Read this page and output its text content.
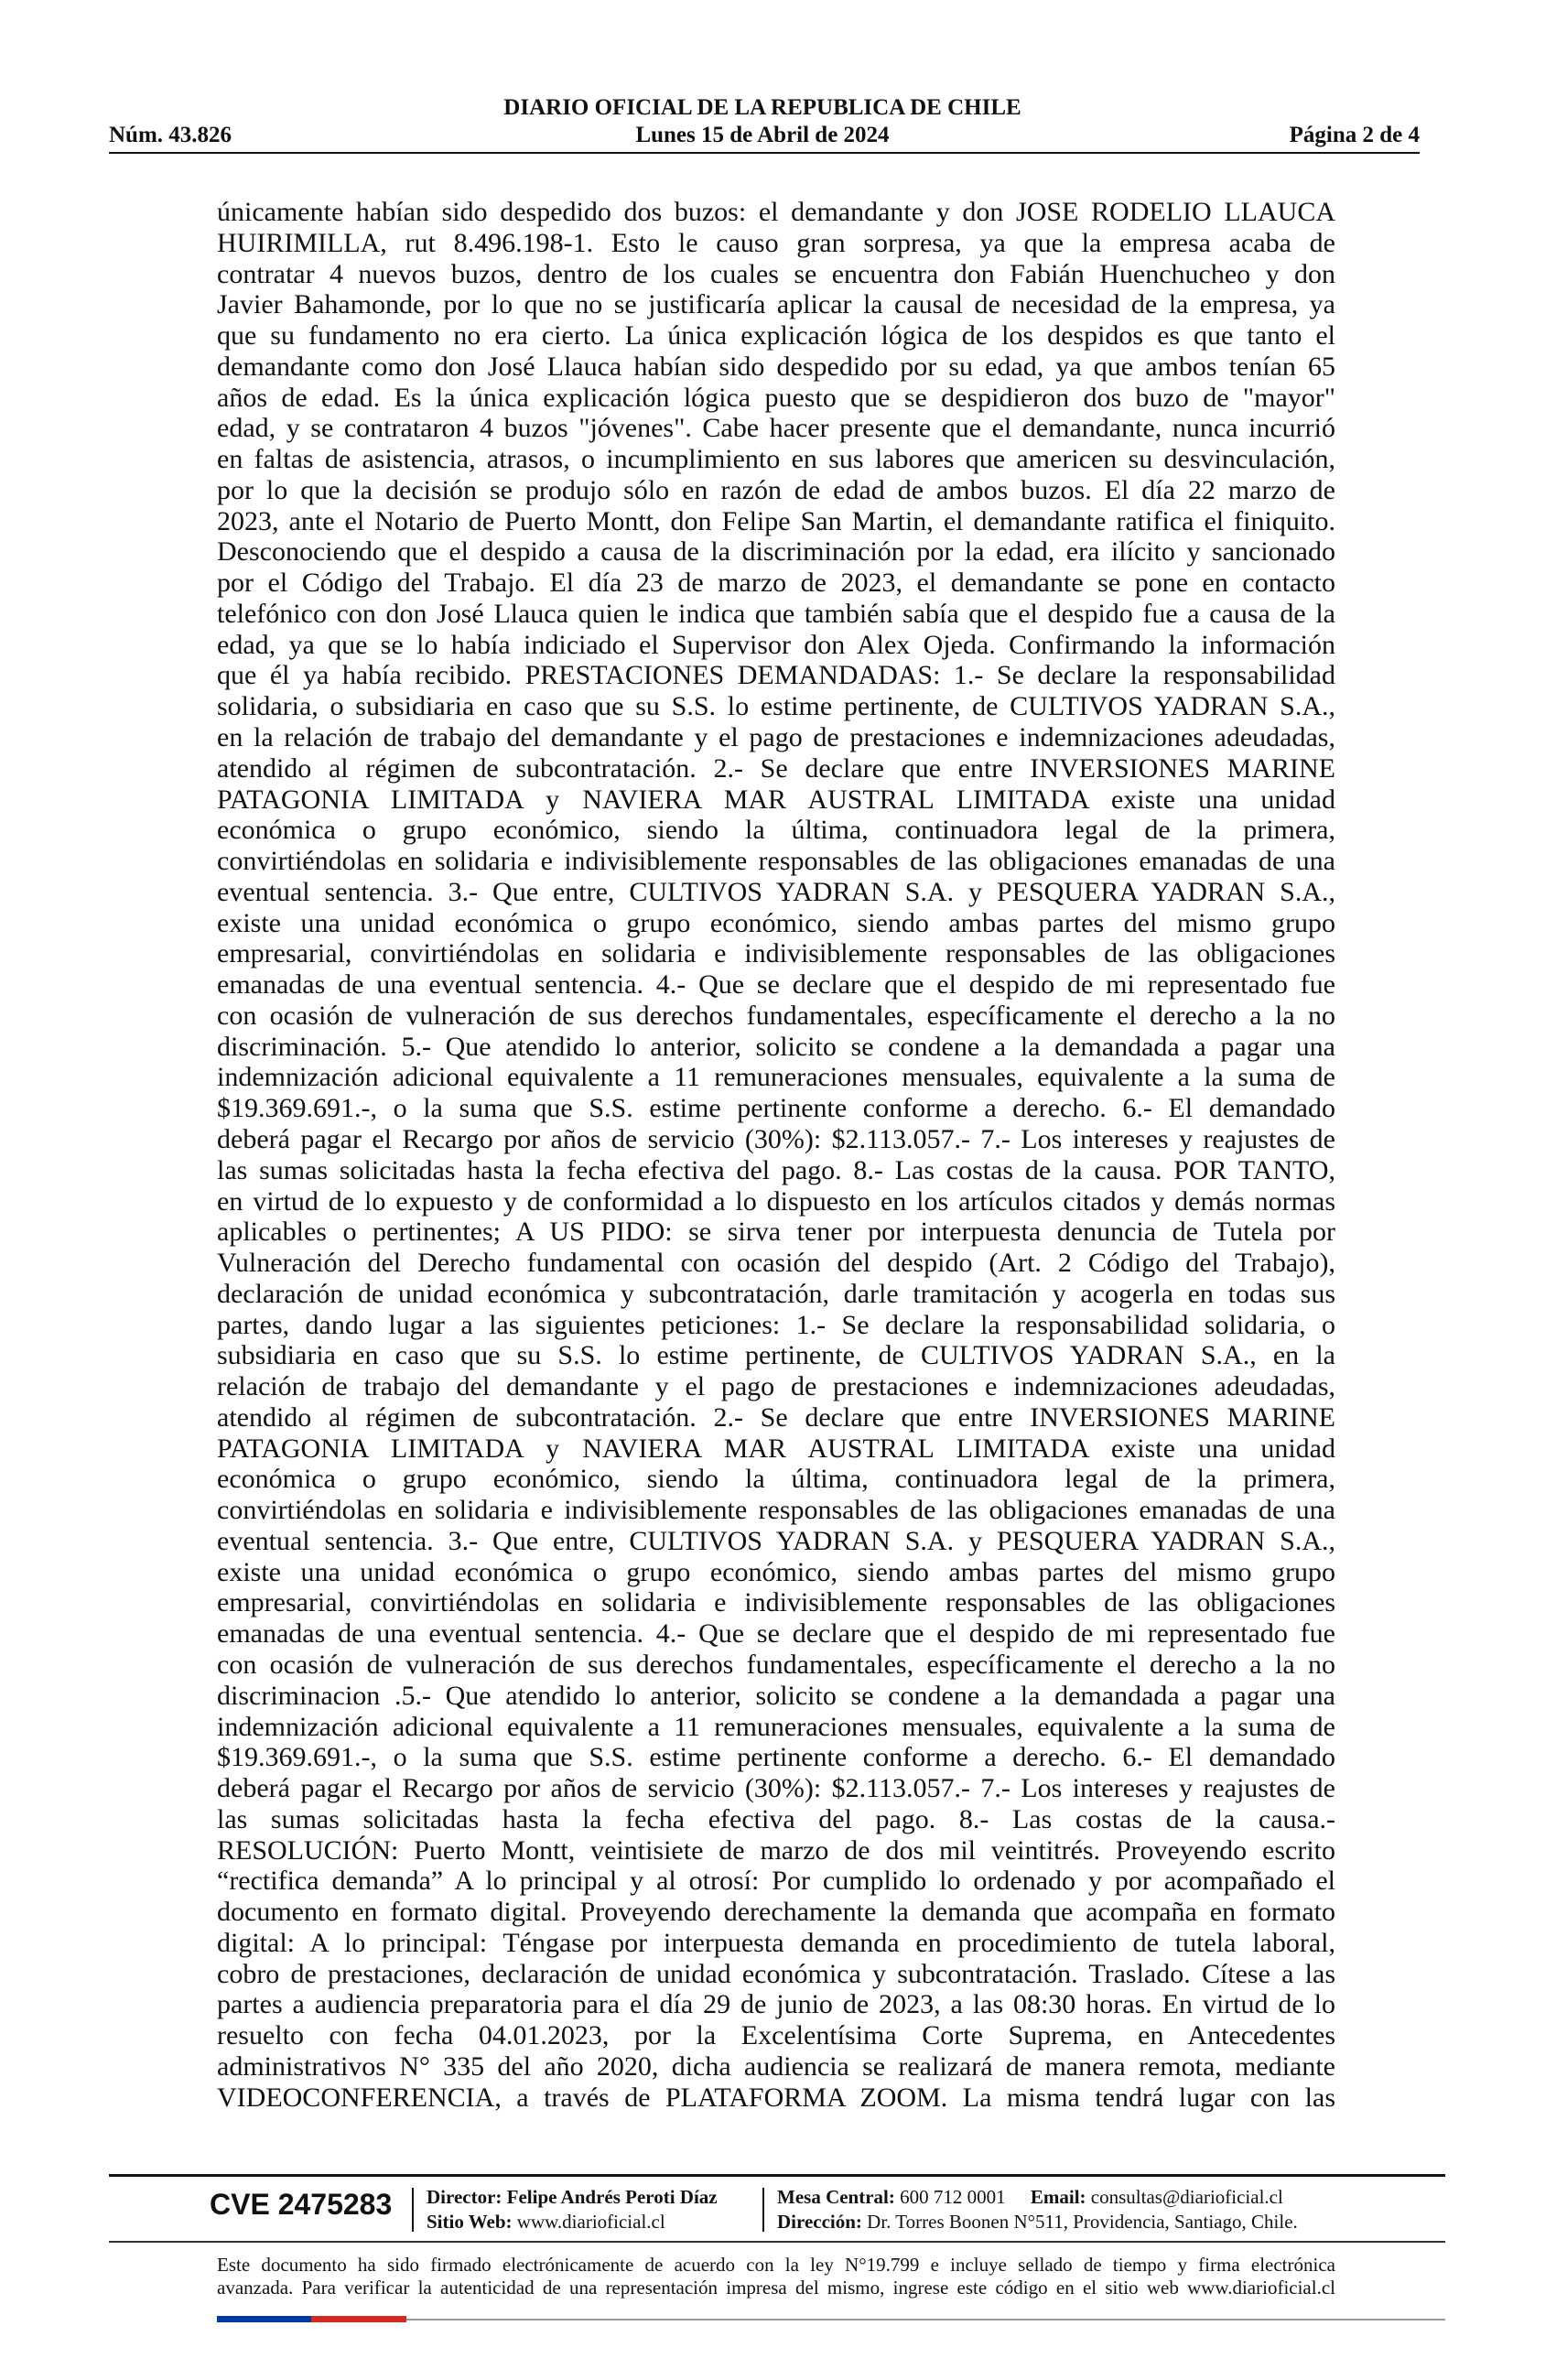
DIARIO OFICIAL DE LA REPUBLICA DE CHILE
Núm. 43.826	Lunes 15 de Abril de 2024	Página 2 de 4
únicamente habían sido despedido dos buzos: el demandante y don JOSE RODELIO LLAUCA
HUIRIMILLA, rut 8.496.198-1. Esto le causo gran sorpresa, ya que la empresa acaba de
contratar 4 nuevos buzos, dentro de los cuales se encuentra don Fabián Huenchucheo y don
Javier Bahamonde, por lo que no se justificaría aplicar la causal de necesidad de la empresa, ya
que su fundamento no era cierto. La única explicación lógica de los despidos es que tanto el
demandante como don José Llauca habían sido despedido por su edad, ya que ambos tenían 65
años de edad. Es la única explicación lógica puesto que se despidieron dos buzo de "mayor"
edad, y se contrataron 4 buzos "jóvenes". Cabe hacer presente que el demandante, nunca incurrió
en faltas de asistencia, atrasos, o incumplimiento en sus labores que americen su desvinculación,
por lo que la decisión se produjo sólo en razón de edad de ambos buzos. El día 22 marzo de
2023, ante el Notario de Puerto Montt, don Felipe San Martin, el demandante ratifica el finiquito.
Desconociendo que el despido a causa de la discriminación por la edad, era ilícito y sancionado
por el Código del Trabajo. El día 23 de marzo de 2023, el demandante se pone en contacto
telefónico con don José Llauca quien le indica que también sabía que el despido fue a causa de la
edad, ya que se lo había indiciado el Supervisor don Alex Ojeda. Confirmando la información
que él ya había recibido. PRESTACIONES DEMANDADAS: 1.- Se declare la responsabilidad
solidaria, o subsidiaria en caso que su S.S. lo estime pertinente, de CULTIVOS YADRAN S.A.,
en la relación de trabajo del demandante y el pago de prestaciones e indemnizaciones adeudadas,
atendido al régimen de subcontratación. 2.- Se declare que entre INVERSIONES MARINE
PATAGONIA LIMITADA y NAVIERA MAR AUSTRAL LIMITADA existe una unidad
económica o grupo económico, siendo la última, continuadora legal de la primera,
convirtiéndolas en solidaria e indivisiblemente responsables de las obligaciones emanadas de una
eventual sentencia. 3.- Que entre, CULTIVOS YADRAN S.A. y PESQUERA YADRAN S.A.,
existe una unidad económica o grupo económico, siendo ambas partes del mismo grupo
empresarial, convirtiéndolas en solidaria e indivisiblemente responsables de las obligaciones
emanadas de una eventual sentencia. 4.- Que se declare que el despido de mi representado fue
con ocasión de vulneración de sus derechos fundamentales, específicamente el derecho a la no
discriminación. 5.- Que atendido lo anterior, solicito se condene a la demandada a pagar una
indemnización adicional equivalente a 11 remuneraciones mensuales, equivalente a la suma de
$19.369.691.-, o la suma que S.S. estime pertinente conforme a derecho. 6.- El demandado
deberá pagar el Recargo por años de servicio (30%): $2.113.057.- 7.- Los intereses y reajustes de
las sumas solicitadas hasta la fecha efectiva del pago. 8.- Las costas de la causa. POR TANTO,
en virtud de lo expuesto y de conformidad a lo dispuesto en los artículos citados y demás normas
aplicables o pertinentes; A US PIDO: se sirva tener por interpuesta denuncia de Tutela por
Vulneración del Derecho fundamental con ocasión del despido (Art. 2 Código del Trabajo),
declaración de unidad económica y subcontratación, darle tramitación y acogerla en todas sus
partes, dando lugar a las siguientes peticiones: 1.- Se declare la responsabilidad solidaria, o
subsidiaria en caso que su S.S. lo estime pertinente, de CULTIVOS YADRAN S.A., en la
relación de trabajo del demandante y el pago de prestaciones e indemnizaciones adeudadas,
atendido al régimen de subcontratación. 2.- Se declare que entre INVERSIONES MARINE
PATAGONIA LIMITADA y NAVIERA MAR AUSTRAL LIMITADA existe una unidad
económica o grupo económico, siendo la última, continuadora legal de la primera,
convirtiéndolas en solidaria e indivisiblemente responsables de las obligaciones emanadas de una
eventual sentencia. 3.- Que entre, CULTIVOS YADRAN S.A. y PESQUERA YADRAN S.A.,
existe una unidad económica o grupo económico, siendo ambas partes del mismo grupo
empresarial, convirtiéndolas en solidaria e indivisiblemente responsables de las obligaciones
emanadas de una eventual sentencia. 4.- Que se declare que el despido de mi representado fue
con ocasión de vulneración de sus derechos fundamentales, específicamente el derecho a la no
discriminacion .5.- Que atendido lo anterior, solicito se condene a la demandada a pagar una
indemnización adicional equivalente a 11 remuneraciones mensuales, equivalente a la suma de
$19.369.691.-, o la suma que S.S. estime pertinente conforme a derecho. 6.- El demandado
deberá pagar el Recargo por años de servicio (30%): $2.113.057.- 7.- Los intereses y reajustes de
las sumas solicitadas hasta la fecha efectiva del pago. 8.- Las costas de la causa.-
RESOLUCIÓN: Puerto Montt, veintisiete de marzo de dos mil veintitrés. Proveyendo escrito
“rectifica demanda” A lo principal y al otrosí: Por cumplido lo ordenado y por acompañado el
documento en formato digital. Proveyendo derechamente la demanda que acompaña en formato
digital: A lo principal: Téngase por interpuesta demanda en procedimiento de tutela laboral,
cobro de prestaciones, declaración de unidad económica y subcontratación. Traslado. Cítese a las
partes a audiencia preparatoria para el día 29 de junio de 2023, a las 08:30 horas. En virtud de lo
resuelto con fecha 04.01.2023, por la Excelentísima Corte Suprema, en Antecedentes
administrativos N° 335 del año 2020, dicha audiencia se realizará de manera remota, mediante
VIDEOCONFERENCIA, a través de PLATAFORMA ZOOM. La misma tendrá lugar con las
CVE 2475283 Director: Felipe Andrés Peroti Díaz
Sitio Web: www.diarioficial.cl
Mesa Central: 600 712 0001 Email: consultas@diarioficial.cl
Dirección: Dr. Torres Boonen N°511, Providencia, Santiago, Chile.
Este documento ha sido firmado electrónicamente de acuerdo con la ley N°19.799 e incluye sellado de tiempo y firma electrónica
avanzada. Para verificar la autenticidad de una representación impresa del mismo, ingrese este código en el sitio web www.diarioficial.cl
